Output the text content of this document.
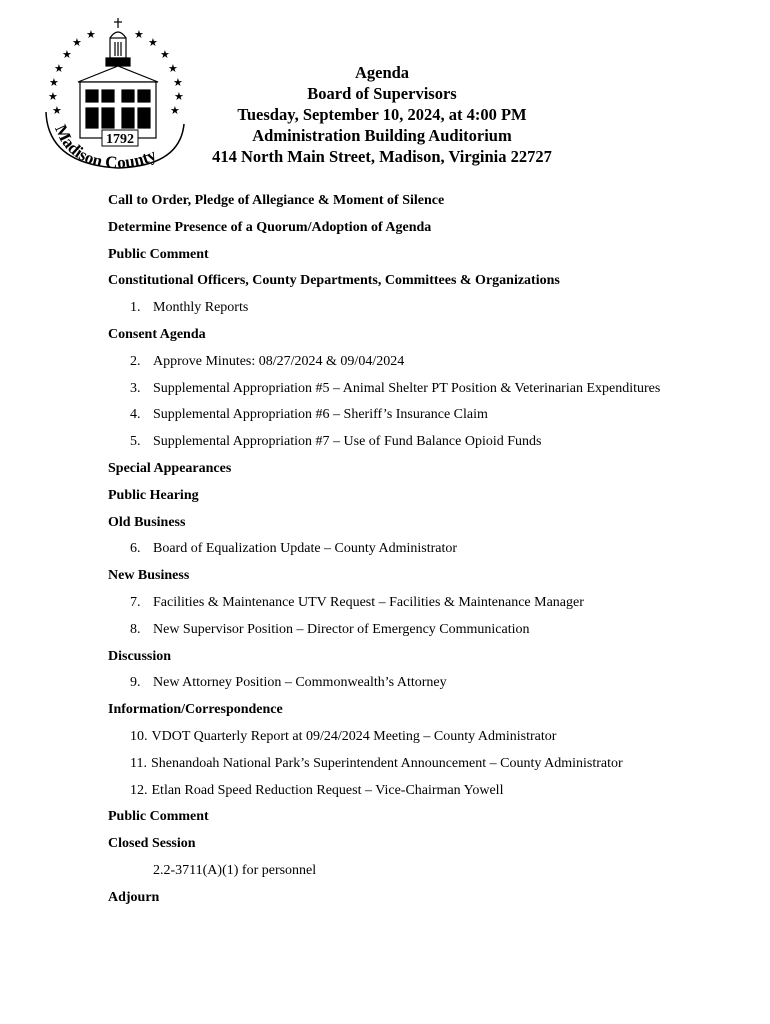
★
★
★
★
★
★
★	★
★
★
★
★
★
★
1792
Madison County
Agenda
Board of Supervisors
Tuesday, September 10, 2024, at 4:00 PM
Administration Building Auditorium
414 North Main Street, Madison, Virginia 22727
Call to Order, Pledge of Allegiance & Moment of Silence
Determine Presence of a Quorum/Adoption of Agenda
Public Comment
Constitutional Officers, County Departments, Committees & Organizations
1. Monthly Reports
Consent Agenda
2. Approve Minutes: 08/27/2024 & 09/04/2024
3. Supplemental Appropriation #5 – Animal Shelter PT Position & Veterinarian Expenditures
4. Supplemental Appropriation #6 – Sheriff’s Insurance Claim
5. Supplemental Appropriation #7 – Use of Fund Balance Opioid Funds
Special Appearances
Public Hearing
Old Business
6. Board of Equalization Update – County Administrator
New Business
7. Facilities & Maintenance UTV Request – Facilities & Maintenance Manager
8. New Supervisor Position – Director of Emergency Communication
Discussion
9. New Attorney Position – Commonwealth’s Attorney
Information/Correspondence
10. VDOT Quarterly Report at 09/24/2024 Meeting – County Administrator
11. Shenandoah National Park’s Superintendent Announcement – County Administrator
12. Etlan Road Speed Reduction Request – Vice-Chairman Yowell
Public Comment
Closed Session
2.2-3711(A)(1) for personnel
Adjourn
